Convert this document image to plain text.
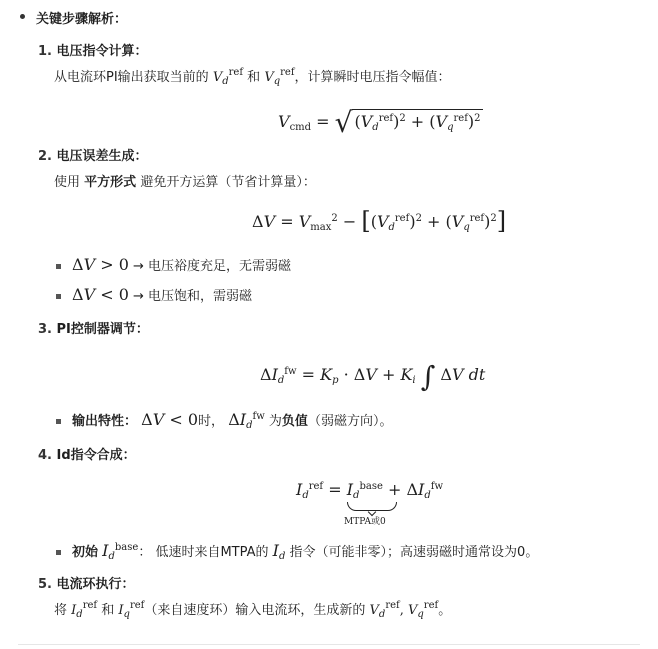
关键步骤解析：
1. 电压指令计算：
从电流环PI输出获取当前的 $V_d^{ref}$ 和 $V_q^{ref}$，计算瞬时电压指令幅值：
$V_{cmd}$ = √ $(V_d^{ref})^2 + (V_q^{ref})^2$
2. 电压误差生成：
使用 平方形式 避免开方运算（节省计算量）：
$\Delta V = V_{max}^2 - [(V_d^{ref})^2 + (V_q^{ref})^2]$
ΔV > 0 → 电压裕度充足，无需弱磁
ΔV < 0 → 电压饱和，需弱磁
3. PI控制器调节：
$\Delta I_d^{fw} = K_p \cdot \Delta V + K_i$ ∫ ΔV dt
输出特性： ΔV < 0时， $\Delta I_d^{fw}$ 为负值（弱磁方向）。
4. Id指令合成：
$I_d^{ref} = I_d^{base} + \Delta I_d^{fw}$
MTPA或0
初始 $I_d^{base}$： 低速时来自MTPA的 $I_d$ 指令（可能非零）；高速弱磁时通常设为0。
5. 电流环执行：
将 $I_d^{ref}$ 和 $I_q^{ref}$（来自速度环）输入电流环，生成新的 $V_d^{ref}$, $V_q^{ref}$。
